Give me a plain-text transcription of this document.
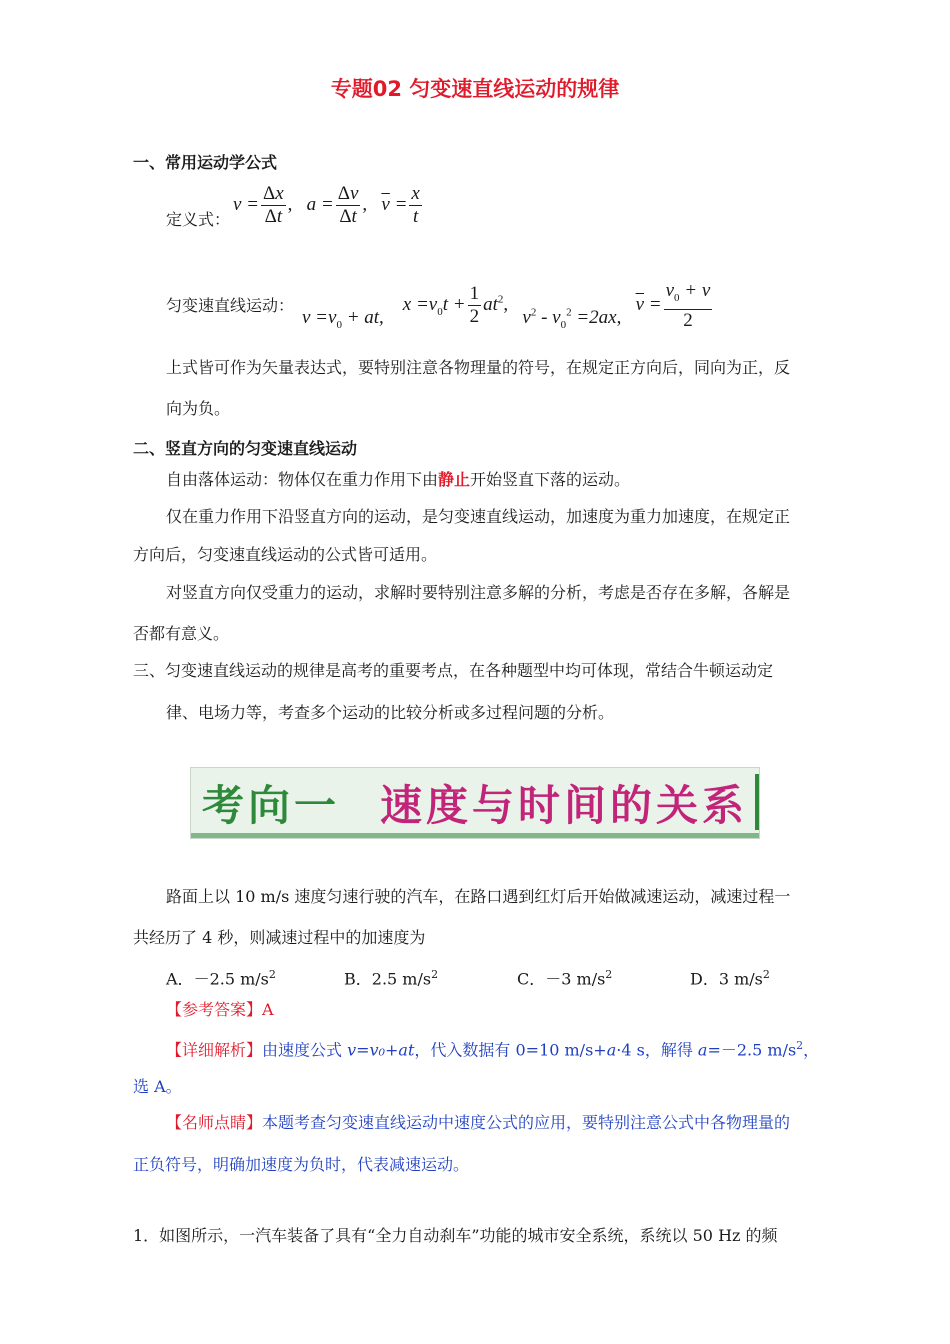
专题02 匀变速直线运动的规律
一、常用运动学公式
定义式：
$v = \frac{\Delta x}{\Delta t}$ ,   $a = \frac{\Delta v}{\Delta t}$ , $\overline{v} = \frac{x}{t}$
匀变速直线运动：
$v =v_0$ + at,    $x =v_0t + \frac{1}{2} at^2$,   $v^2 - v_0^2 =2ax$,   $\overline{v} = \frac{v_0 + v}{2}$
上式皆可作为矢量表达式，要特别注意各物理量的符号，在规定正方向后，同向为正，反
向为负。
二、竖直方向的匀变速直线运动
自由落体运动：物体仅在重力作用下由静止开始竖直下落的运动。
仅在重力作用下沿竖直方向的运动，是匀变速直线运动，加速度为重力加速度，在规定正
方向后，匀变速直线运动的公式皆可适用。
对竖直方向仅受重力的运动，求解时要特别注意多解的分析，考虑是否存在多解，各解是
否都有意义。
三、匀变速直线运动的规律是高考的重要考点，在各种题型中均可体现，常结合牛顿运动定
律、电场力等，考查多个运动的比较分析或多过程问题的分析。
考向一 速度与时间的关系
路面上以 10 m/s 速度匀速行驶的汽车，在路口遇到红灯后开始做减速运动，减速过程一
共经历了 4 秒，则减速过程中的加速度为
A．－2.5 $m/s^2$	B．2.5 $m/s^2$	C．－3 $m/s^2$	D．3 $m/s^2$
【参考答案】A
【详细解析】由速度公式 v=v₀+at，代入数据有 0=10 m/s+a·4 s，解得 a=－2.5 $m/s^2$，
选 A。
【名师点睛】本题考查匀变速直线运动中速度公式的应用，要特别注意公式中各物理量的
正负符号，明确加速度为负时，代表减速运动。
1．如图所示，一汽车装备了具有“全力自动刹车”功能的城市安全系统，系统以 50 Hz 的频
